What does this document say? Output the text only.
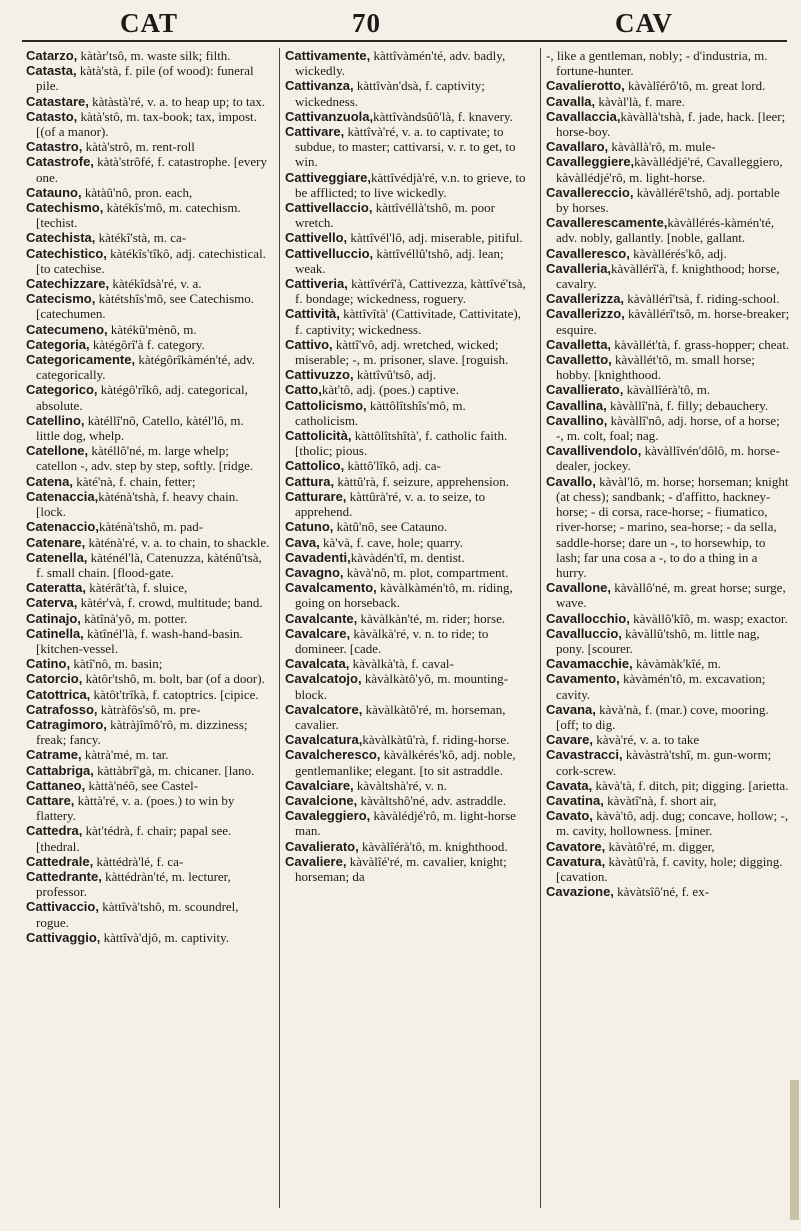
CAT	70	CAV

Catarzo, kàtàr'tsô, m. waste silk; filth.

Catasta, kàtà'stà, f. pile (of wood): funeral pile.

Catastare, kàtàstà'ré, v. a. to heap up; to tax.

Catasto, kàtà'stô, m. tax-book; tax, impost. [(of a manor).

Catastro, kàtà'strô, m. rent-roll

Catastrofe, kàtà'strôfé, f. catastrophe. [every one.

Catauno, kàtàû'nô, pron. each,

Catechismo, kàtékîs'mô, m. catechism. [techist.

Catechista, kàtékî'stà, m. ca-

Catechistico, kàtékîs'tîkô, adj. catechistical. [to catechise.

Catechizzare, kàtékîdsà'ré, v. a.

Catecismo, kàtétshîs'mô, see Catechismo. [catechumen.

Catecumeno, kàtékû'mènô, m.

Categoria, kàtégôrî'à f. category.

Categoricamente, kàtégôrîkàmén'té, adv. categorically.

Categorico, kàtégô'rîkô, adj. categorical, absolute.

Catellino, kàtéllî'nô, Catello, kàtél'lô, m. little dog, whelp.

Catellone, kàtéllô'né, m. large whelp; catellon -, adv. step by step, softly. [ridge.

Catena, kàté'nà, f. chain, fetter;

Catenaccia,kàténà'tshà, f. heavy chain. [lock.

Catenaccio,kàténà'tshô, m. pad-

Catenare, kàténà'ré, v. a. to chain, to shackle.

Catenella, kàténél'là, Catenuzza, kàténû'tsà, f. small chain. [flood-gate.

Cateratta, kàtérât'tà, f. sluice,

Caterva, kàtér'và, f. crowd, multitude; band.

Catinajo, kàtînà'yô, m. potter.

Catinella, kàtînél'là, f. wash-hand-basin. [kitchen-vessel.

Catino, kàtî'nô, m. basin;

Catorcio, kàtôr'tshô, m. bolt, bar (of a door).

Catottrica, kàtôt'trîkà, f. catoptrics. [cipice.

Catrafosso, kàtràfôs'sô, m. pre-

Catragimoro, kàtràjîmô'rô, m. dizziness; freak; fancy.

Catrame, kàtrà'mé, m. tar.

Cattabriga, kàttàbrî'gà, m. chicaner. [lano.

Cattaneo, kàttà'néô, see Castel-

Cattare, kàttà'ré, v. a. (poes.) to win by flattery.

Cattedra, kàt'tédrà, f. chair; papal see. [thedral.

Cattedrale, kàttédrà'lé, f. ca-

Cattedrante, kàttédràn'té, m. lecturer, professor.

Cattivaccio, kàttîvà'tshô, m. scoundrel, rogue.

Cattivaggio, kàttîvà'djô, m. captivity.

Cattivamente, kàttîvàmén'té, adv. badly, wickedly.

Cattivanza, kàttîvàn'dsà, f. captivity; wickedness.

Cattivanzuola,kàttîvàndsûô'là, f. knavery.

Cattivare, kàttîvà'ré, v. a. to captivate; to subdue, to master; cattivarsi, v. r. to get, to win.

Cattiveggiare,kàttîvédjà'ré, v.n. to grieve, to be afflicted; to live wickedly.

Cattivellaccio, kàttîvéllà'tshô, m. poor wretch.

Cattivello, kàttîvél'lô, adj. miserable, pitiful.

Cattivelluccio, kàttîvéllû'tshô, adj. lean; weak.

Cattiveria, kàttîvérî'à, Cattivezza, kàttîvé'tsà, f. bondage; wickedness, roguery.

Cattività, kàttîvîtà' (Cattivitade, Cattivitate), f. captivity; wickedness.

Cattivo, kàttî'vô, adj. wretched, wicked; miserable; -, m. prisoner, slave. [roguish.

Cattivuzzo, kàttîvû'tsô, adj.

Catto,kàt'tô, adj. (poes.) captive.

Cattolicismo, kàttôlîtshîs'mô, m. catholicism.

Cattolicità, kàttôlîtshîtà', f. catholic faith. [tholic; pious.

Cattolico, kàttô'lîkô, adj. ca-

Cattura, kàttû'rà, f. seizure, apprehension.

Catturare, kàttûrà'ré, v. a. to seize, to apprehend.

Catuno, kàtû'nô, see Catauno.

Cava, kà'và, f. cave, hole; quarry.

Cavadenti,kàvàdén'tî, m. dentist.

Cavagno, kàvà'nô, m. plot, compartment.

Cavalcamento, kàvàlkàmén'tô, m. riding, going on horseback.

Cavalcante, kàvàlkàn'té, m. rider; horse.

Cavalcare, kàvàlkà'ré, v. n. to ride; to domineer. [cade.

Cavalcata, kàvàlkà'tà, f. caval-

Cavalcatojo, kàvàlkàtô'yô, m. mounting-block.

Cavalcatore, kàvàlkàtô'ré, m. horseman, cavalier.

Cavalcatura,kàvàlkàtû'rà, f. riding-horse.

Cavalcheresco, kàvàlkérés'kô, adj. noble, gentlemanlike; elegant. [to sit astraddle.

Cavalciare, kàvàltshà'ré, v. n.

Cavalcione, kàvàltshô'né, adv. astraddle.

Cavaleggiero, kàvàlédjé'rô, m. light-horse man.

Cavalierato, kàvàlîérà'tô, m. knighthood.

Cavaliere, kàvàlîé'ré, m. cavalier, knight; horseman; da

-, like a gentleman, nobly; - d'industria, m. fortune-hunter.

Cavalierotto, kàvàlîérô'tô, m. great lord.

Cavalla, kàvàl'là, f. mare.

Cavallaccia,kàvàllà'tshà, f. jade, hack. [leer; horse-boy.

Cavallaro, kàvàllà'rô, m. mule-

Cavalleggiere,kàvàllédjé'ré, Cavalleggiero, kàvàllédjé'rô, m. light-horse.

Cavallereccio, kàvàllérê'tshô, adj. portable by horses.

Cavallerescamente,kàvàllérés-kàmén'té, adv. nobly, gallantly. [noble, gallant.

Cavalleresco, kàvàllérés'kô, adj.

Cavalleria,kàvàllérî'à, f. knighthood; horse, cavalry.

Cavallerizza, kàvàllérî'tsà, f. riding-school.

Cavallerizzo, kàvàllérî'tsô, m. horse-breaker; esquire.

Cavalletta, kàvàllét'tà, f. grass-hopper; cheat.

Cavalletto, kàvàllét'tô, m. small horse; hobby. [knighthood.

Cavallierato, kàvàllîérà'tô, m.

Cavallina, kàvàllî'nà, f. filly; debauchery.

Cavallino, kàvàllî'nô, adj. horse, of a horse; -, m. colt, foal; nag.

Cavallivendolo, kàvàllîvén'dôlô, m. horse-dealer, jockey.

Cavallo, kàvàl'lô, m. horse; horseman; knight (at chess); sandbank; - d'affitto, hackney-horse; - di corsa, race-horse; - fiumatico, river-horse; - marino, sea-horse; - da sella, saddle-horse; dare un -, to horsewhip, to lash; far una cosa a -, to do a thing in a hurry.

Cavallone, kàvàllô'né, m. great horse; surge, wave.

Cavallocchio, kàvàllô'kîô, m. wasp; exactor.

Cavalluccio, kàvàllû'tshô, m. little nag, pony. [scourer.

Cavamacchie, kàvàmàk'kîé, m.

Cavamento, kàvàmén'tô, m. excavation; cavity.

Cavana, kàvà'nà, f. (mar.) cove, mooring. [off; to dig.

Cavare, kàvà'ré, v. a. to take

Cavastracci, kàvàstrà'tshî, m. gun-worm; cork-screw.

Cavata, kàvà'tà, f. ditch, pit; digging. [arietta.

Cavatina, kàvàtî'nà, f. short air,

Cavato, kàvà'tô, adj. dug; concave, hollow; -, m. cavity, hollowness. [miner.

Cavatore, kàvàtô'ré, m. digger,

Cavatura, kàvàtû'rà, f. cavity, hole; digging. [cavation.

Cavazione, kàvàtsîô'né, f. ex-
